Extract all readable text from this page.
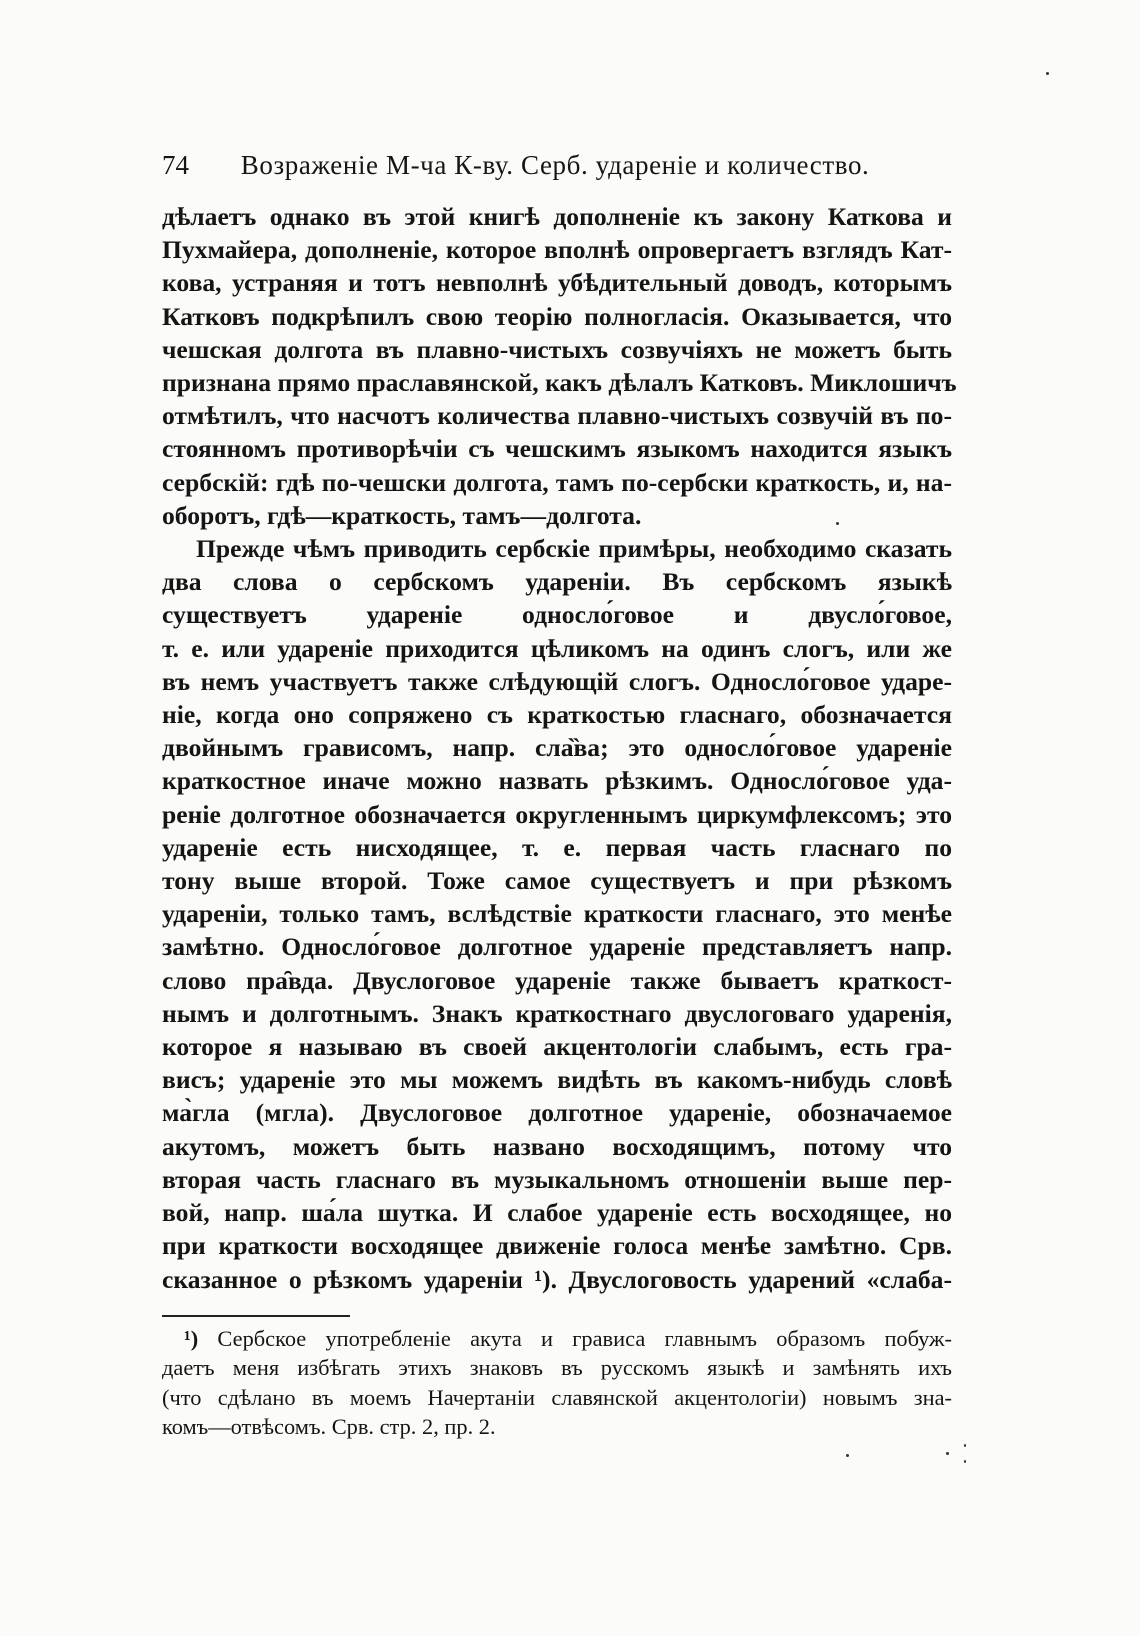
74 Возраженіе М-ча К-ву. Серб. удареніе и количество.
дѣлаетъ однако въ этой книгѣ дополненіе къ закону Каткова и
Пухмайера, дополненіе, которое вполнѣ опровергаетъ взглядъ Кат-
кова, устраняя и тотъ невполнѣ убѣдительный доводъ, которымъ
Катковъ подкрѣпилъ свою теорію полногласія. Оказывается, что
чешская долгота въ плавно-чистыхъ созвучіяхъ не можетъ быть
признана прямо праславянской, какъ дѣлалъ Катковъ. Миклошичъ
отмѣтилъ, что насчотъ количества плавно-чистыхъ созвучій въ по-
стоянномъ противорѣчіи съ чешскимъ языкомъ находится языкъ
сербскій: гдѣ по-чешски долгота, тамъ по-сербски краткость, и, на-
оборотъ, гдѣ—краткость, тамъ—долгота.
Прежде чѣмъ приводить сербскіе примѣры, необходимо сказать
два слова о сербскомъ удареніи. Въ сербскомъ языкѣ
существуетъ удареніе односло́говое и двусло́говое,
т. е. или удареніе приходится цѣликомъ на одинъ слогъ, или же
въ немъ участвуетъ также слѣдующій слогъ. Односло́говое ударе-
ніе, когда оно сопряжено съ краткостью гласнаго, обозначается
двойнымъ грависомъ, напр. сла̏ва; это односло́говое удареніе
краткостное иначе можно назвать рѣзкимъ. Односло́говое уда-
реніе долготное обозначается округленнымъ циркумфлексомъ; это
удареніе есть нисходящее, т. е. первая часть гласнаго по
тону выше второй. Тоже самое существуетъ и при рѣзкомъ
удареніи, только тамъ, вслѣдствіе краткости гласнаго, это менѣе
замѣтно. Односло́говое долготное удареніе представляетъ напр.
слово пра̑вда. Двуслоговое удареніе также бываетъ краткост-
нымъ и долготнымъ. Знакъ краткостнаго двуслоговаго ударенія,
которое я называю въ своей акцентологіи слабымъ, есть гра-
висъ; удареніе это мы можемъ видѣть въ какомъ-нибудь словѣ
ма̀гла (мгла). Двуслоговое долготное удареніе, обозначаемое
акутомъ, можетъ быть названо восходящимъ, потому что
вторая часть гласнаго въ музыкальномъ отношеніи выше пер-
вой, напр. ша́ла шутка. И слабое удареніе есть восходящее, но
при краткости восходящее движеніе голоса менѣе замѣтно. Срв.
сказанное о рѣзкомъ удареніи ¹). Двуслоговость ударений «слаба-
¹) Сербское употребленіе акута и грависа главнымъ образомъ побуж-
даетъ меня избѣгать этихъ знаковъ въ русскомъ языкѣ и замѣнять ихъ
(что сдѣлано въ моемъ Начертаніи славянской акцентологіи) новымъ зна-
комъ—отвѣсомъ. Срв. стр. 2, пр. 2.
